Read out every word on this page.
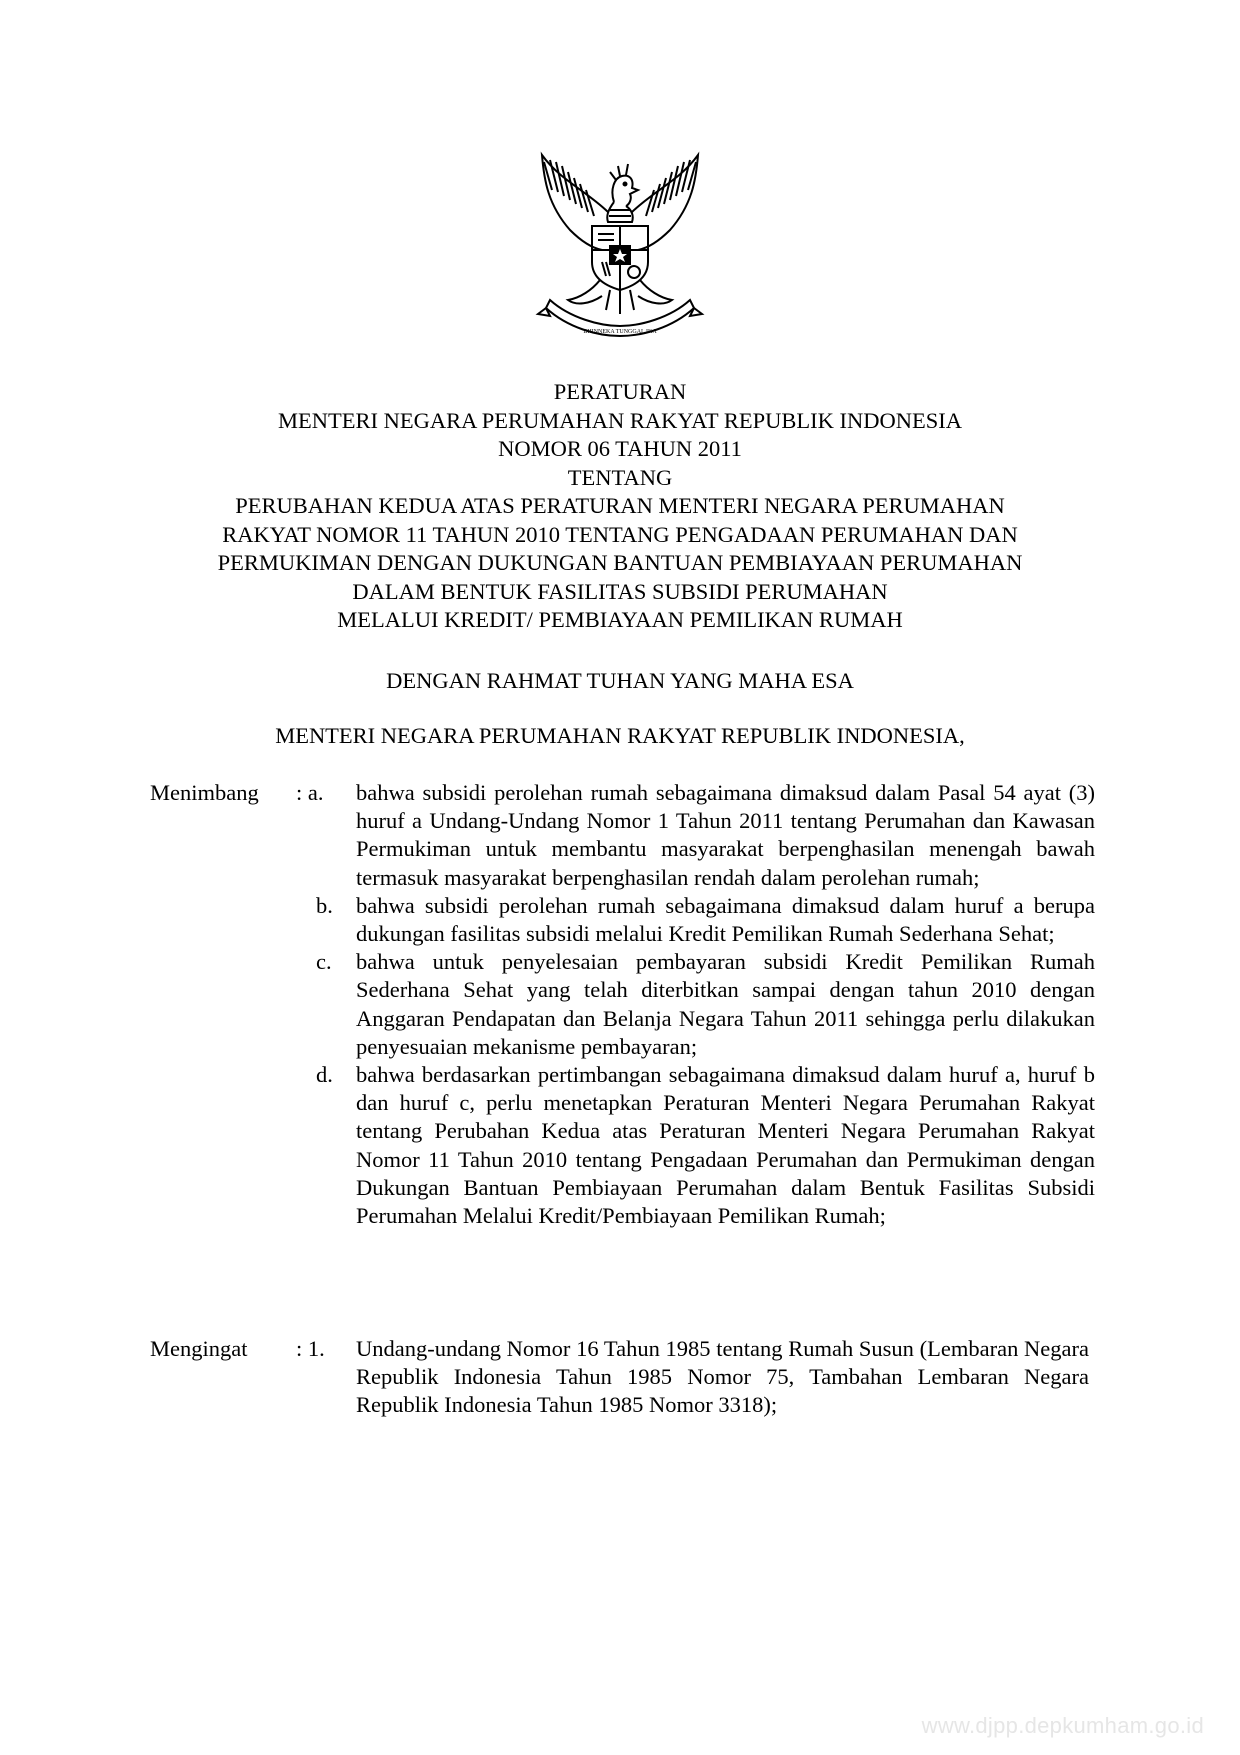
BHINNEKA TUNGGAL IKA
PERATURAN
MENTERI NEGARA PERUMAHAN RAKYAT REPUBLIK INDONESIA
NOMOR 06 TAHUN 2011
TENTANG
PERUBAHAN KEDUA ATAS PERATURAN MENTERI NEGARA PERUMAHAN
RAKYAT NOMOR 11 TAHUN 2010 TENTANG PENGADAAN PERUMAHAN DAN
PERMUKIMAN DENGAN DUKUNGAN BANTUAN PEMBIAYAAN PERUMAHAN
DALAM BENTUK FASILITAS SUBSIDI PERUMAHAN
MELALUI KREDIT/ PEMBIAYAAN PEMILIKAN RUMAH
DENGAN RAHMAT TUHAN YANG MAHA ESA
MENTERI NEGARA PERUMAHAN RAKYAT REPUBLIK INDONESIA,
Menimbang : a.	bahwa subsidi perolehan rumah sebagaimana dimaksud dalam Pasal 54 ayat (3) huruf a Undang-Undang Nomor 1 Tahun 2011 tentang Perumahan dan Kawasan Permukiman untuk membantu masyarakat berpenghasilan menengah bawah termasuk masyarakat berpenghasilan rendah dalam perolehan rumah;
b.	bahwa subsidi perolehan rumah sebagaimana dimaksud dalam huruf a berupa dukungan fasilitas subsidi melalui Kredit Pemilikan Rumah Sederhana Sehat;
c.	bahwa untuk penyelesaian pembayaran subsidi Kredit Pemilikan Rumah Sederhana Sehat yang telah diterbitkan sampai dengan tahun 2010 dengan Anggaran Pendapatan dan Belanja Negara Tahun 2011 sehingga perlu dilakukan penyesuaian mekanisme pembayaran;
d.	bahwa berdasarkan pertimbangan sebagaimana dimaksud dalam huruf a, huruf b dan huruf c, perlu menetapkan Peraturan Menteri Negara Perumahan Rakyat tentang Perubahan Kedua atas Peraturan Menteri Negara Perumahan Rakyat Nomor 11 Tahun 2010 tentang Pengadaan Perumahan dan Permukiman dengan Dukungan Bantuan Pembiayaan Perumahan dalam Bentuk Fasilitas Subsidi Perumahan Melalui Kredit/Pembiayaan Pemilikan Rumah;
Mengingat : 1.	Undang-undang Nomor 16 Tahun 1985 tentang Rumah Susun (Lembaran Negara Republik Indonesia Tahun 1985 Nomor 75, Tambahan Lembaran Negara Republik Indonesia Tahun 1985 Nomor 3318);
www.djpp.depkumham.go.id
